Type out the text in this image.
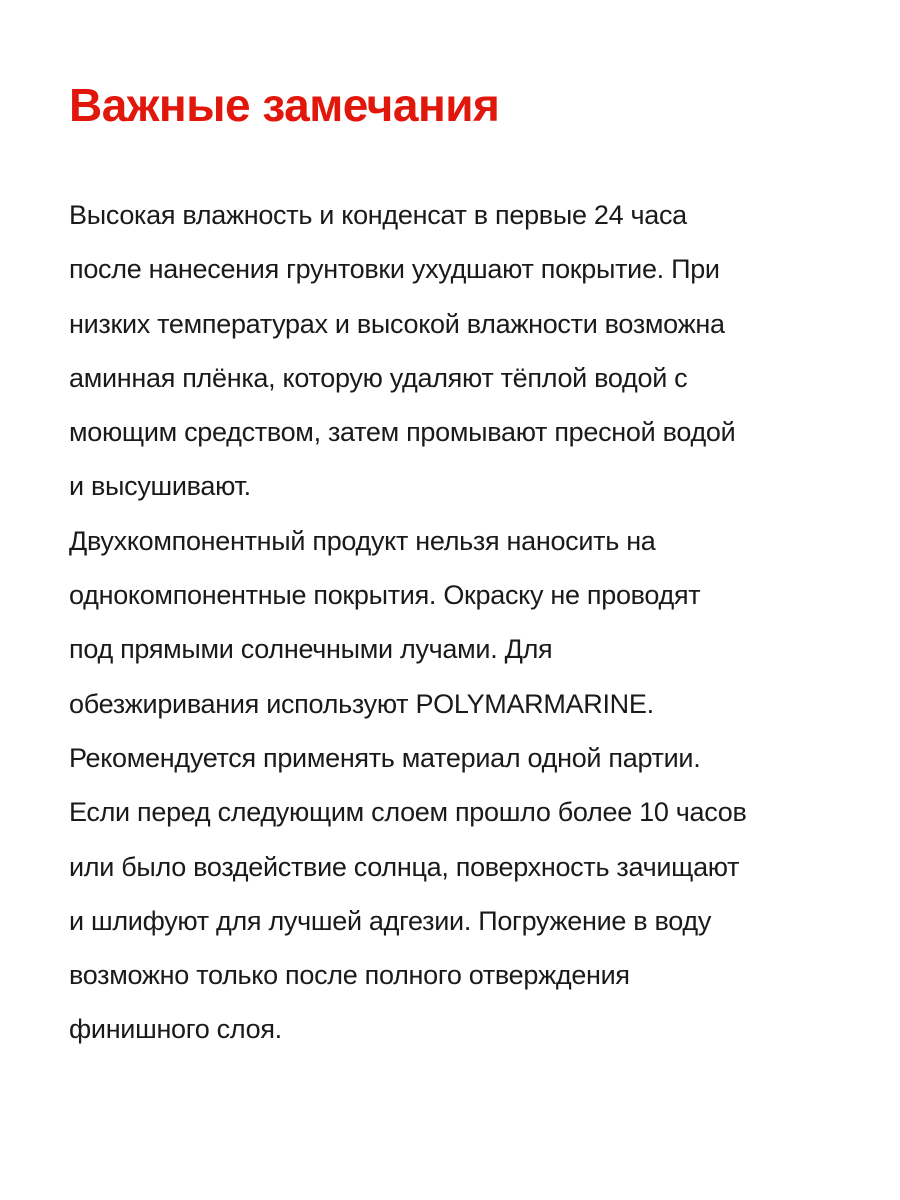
Важные замечания
Высокая влажность и конденсат в первые 24 часа
после нанесения грунтовки ухудшают покрытие. При
низких температурах и высокой влажности возможна
аминная плёнка, которую удаляют тёплой водой с
моющим средством, затем промывают пресной водой
и высушивают.
Двухкомпонентный продукт нельзя наносить на
однокомпонентные покрытия. Окраску не проводят
под прямыми солнечными лучами. Для
обезжиривания используют POLYMARMARINE.
Рекомендуется применять материал одной партии.
Если перед следующим слоем прошло более 10 часов
или было воздействие солнца, поверхность зачищают
и шлифуют для лучшей адгезии. Погружение в воду
возможно только после полного отверждения
финишного слоя.
